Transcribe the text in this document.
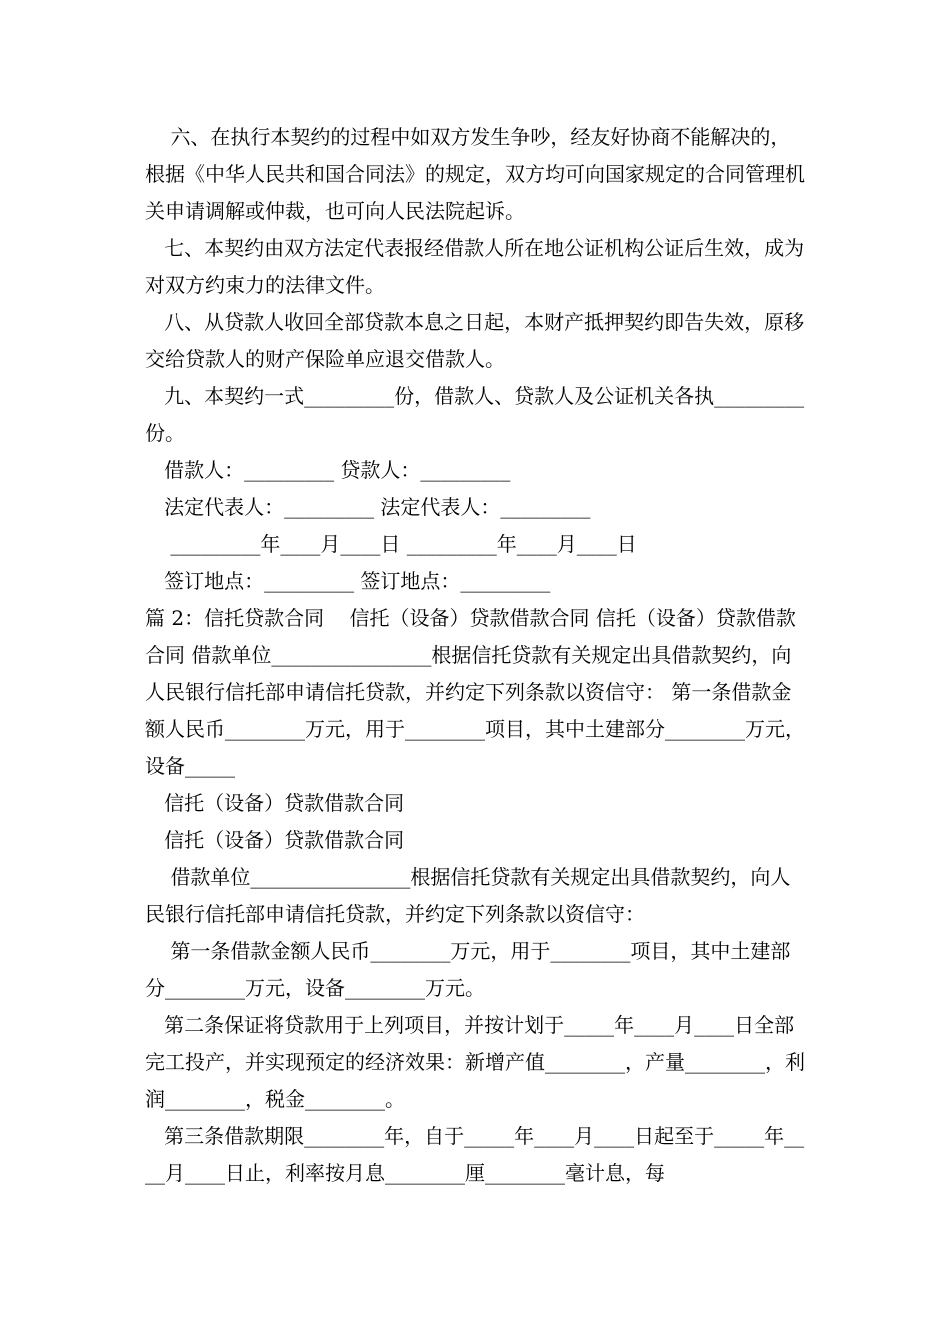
六、在执行本契约的过程中如双方发生争吵，经友好协商不能解决的，根据《中华人民共和国合同法》的规定，双方均可向国家规定的合同管理机关申请调解或仲裁，也可向人民法院起诉。

七、本契约由双方法定代表报经借款人所在地公证机构公证后生效，成为对双方约束力的法律文件。

八、从贷款人收回全部贷款本息之日起，本财产抵押契约即告失效，原移交给贷款人的财产保险单应退交借款人。

九、本契约一式_________份，借款人、贷款人及公证机关各执_________份。

借款人：_________ 贷款人：_________

法定代表人：_________ 法定代表人：_________

_________年____月____日 _________年____月____日

签订地点：_________ 签订地点：_________

篇 2：信托贷款合同    信托（设备）贷款借款合同 信托（设备）贷款借款合同 借款单位________________根据信托贷款有关规定出具借款契约，向人民银行信托部申请信托贷款，并约定下列条款以资信守： 第一条借款金额人民币________万元，用于________项目，其中土建部分________万元，设备_____

信托（设备）贷款借款合同

信托（设备）贷款借款合同

借款单位________________根据信托贷款有关规定出具借款契约，向人民银行信托部申请信托贷款，并约定下列条款以资信守：

第一条借款金额人民币________万元，用于________项目，其中土建部分________万元，设备________万元。

第二条保证将贷款用于上列项目，并按计划于_____年____月____日全部完工投产，并实现预定的经济效果：新增产值________，产量________，利润________，税金________。

第三条借款期限________年，自于_____年____月____日起至于_____年____月____日止，利率按月息________厘________毫计息，每
